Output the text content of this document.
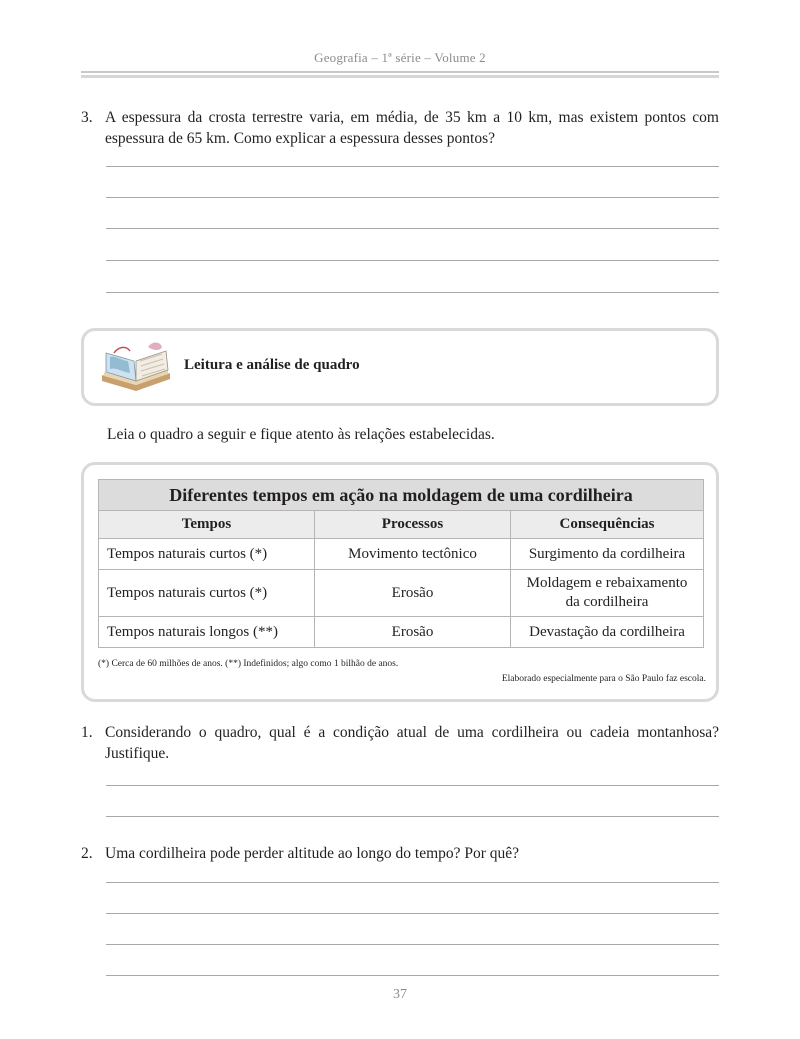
Geografia – 1ª série – Volume 2
3. A espessura da crosta terrestre varia, em média, de 35 km a 10 km, mas existem pontos com espessura de 65 km. Como explicar a espessura desses pontos?
Leitura e análise de quadro
Leia o quadro a seguir e fique atento às relações estabelecidas.
Diferentes tempos em ação na moldagem de uma cordilheira		
Tempos	Processos	Consequências
Tempos naturais curtos (*)	Movimento tectônico	Surgimento da cordilheira
Tempos naturais curtos (*)	Erosão	Moldagem e rebaixamento da cordilheira
Tempos naturais longos (**)	Erosão	Devastação da cordilheira
(*) Cerca de 60 milhões de anos. (**) Indefinidos; algo como 1 bilhão de anos.
Elaborado especialmente para o São Paulo faz escola.
1. Considerando o quadro, qual é a condição atual de uma cordilheira ou cadeia montanhosa? Justifique.
2. Uma cordilheira pode perder altitude ao longo do tempo? Por quê?
37
